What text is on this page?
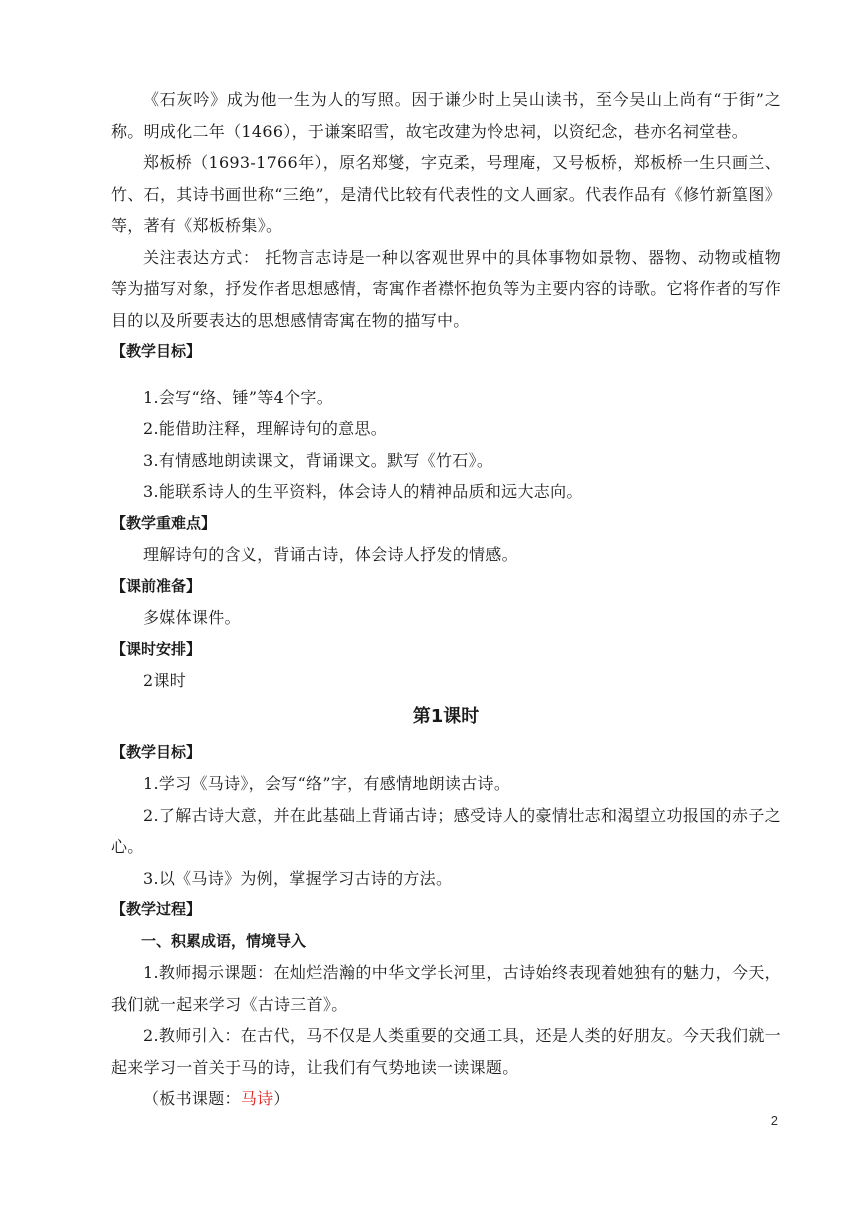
《石灰吟》成为他一生为人的写照。因于谦少时上吴山读书，至今吴山上尚有“于街”之称。明成化二年（1466），于谦案昭雪，故宅改建为怜忠祠，以资纪念，巷亦名祠堂巷。

郑板桥（1693-1766年），原名郑燮，字克柔，号理庵，又号板桥，郑板桥一生只画兰、竹、石，其诗书画世称“三绝”，是清代比较有代表性的文人画家。代表作品有《修竹新篁图》等，著有《郑板桥集》。

关注表达方式： 托物言志诗是一种以客观世界中的具体事物如景物、器物、动物或植物等为描写对象，抒发作者思想感情，寄寓作者襟怀抱负等为主要内容的诗歌。它将作者的写作目的以及所要表达的思想感情寄寓在物的描写中。

【教学目标】

1.会写“络、锤”等4个字。

2.能借助注释，理解诗句的意思。

3.有情感地朗读课文，背诵课文。默写《竹石》。

3.能联系诗人的生平资料，体会诗人的精神品质和远大志向。

【教学重难点】

理解诗句的含义，背诵古诗，体会诗人抒发的情感。

【课前准备】

多媒体课件。

【课时安排】

2课时

第1课时

【教学目标】

1.学习《马诗》，会写“络”字，有感情地朗读古诗。

2.了解古诗大意，并在此基础上背诵古诗；感受诗人的豪情壮志和渴望立功报国的赤子之心。

3.以《马诗》为例，掌握学习古诗的方法。

【教学过程】

一、积累成语，情境导入

1.教师揭示课题：在灿烂浩瀚的中华文学长河里，古诗始终表现着她独有的魅力，今天，我们就一起来学习《古诗三首》。

2.教师引入：在古代，马不仅是人类重要的交通工具，还是人类的好朋友。今天我们就一起来学习一首关于马的诗，让我们有气势地读一读课题。

（板书课题：马诗）

2
